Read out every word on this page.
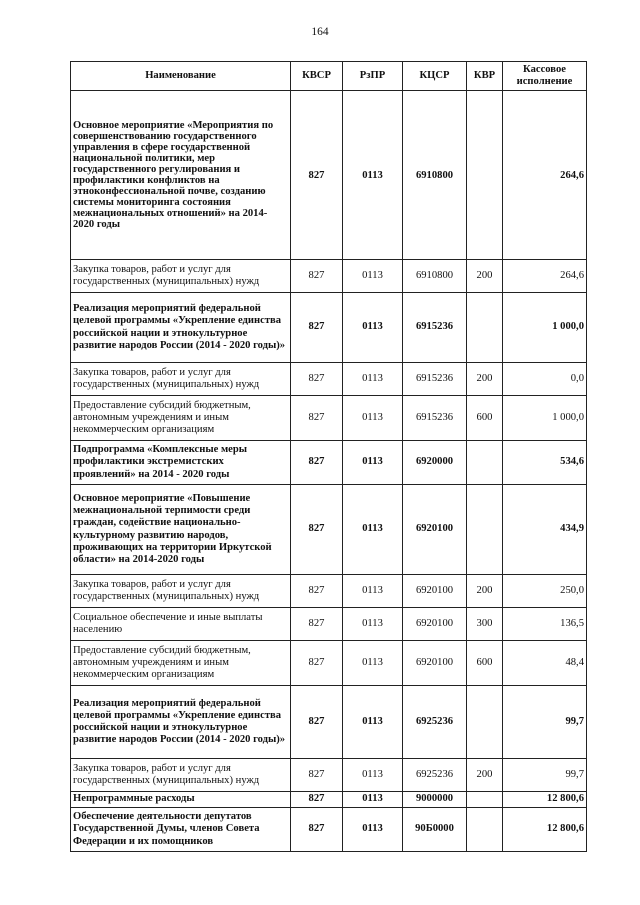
164
Наименование	КВСР	РзПР	КЦСР	КВР	Кассовое исполнение
Основное мероприятие «Мероприятия по совершенствованию государственного управления в сфере государственной национальной политики, мер государственного регулирования и профилактики конфликтов на этноконфессиональной почве, созданию системы мониторинга состояния межнациональных отношений» на 2014-2020 годы	827	0113	6910800		264,6
Закупка товаров, работ и услуг для государственных (муниципальных) нужд	827	0113	6910800	200	264,6
Реализация мероприятий федеральной целевой программы «Укрепление единства российской нации и этнокультурное развитие народов России (2014 - 2020 годы)»	827	0113	6915236		1 000,0
Закупка товаров, работ и услуг для государственных (муниципальных) нужд	827	0113	6915236	200	0,0
Предоставление субсидий бюджетным, автономным учреждениям и иным некоммерческим организациям	827	0113	6915236	600	1 000,0
Подпрограмма «Комплексные меры профилактики экстремистских проявлений» на 2014 - 2020 годы	827	0113	6920000		534,6
Основное мероприятие «Повышение межнациональной терпимости среди граждан, содействие национально-культурному развитию народов, проживающих на территории Иркутской области» на 2014-2020 годы	827	0113	6920100		434,9
Закупка товаров, работ и услуг для государственных (муниципальных) нужд	827	0113	6920100	200	250,0
Социальное обеспечение и иные выплаты населению	827	0113	6920100	300	136,5
Предоставление субсидий бюджетным, автономным учреждениям и иным некоммерческим организациям	827	0113	6920100	600	48,4
Реализация мероприятий федеральной целевой программы «Укрепление единства российской нации и этнокультурное развитие народов России (2014 - 2020 годы)»	827	0113	6925236		99,7
Закупка товаров, работ и услуг для государственных (муниципальных) нужд	827	0113	6925236	200	99,7
Непрограммные расходы	827	0113	9000000		12 800,6
Обеспечение деятельности депутатов Государственной Думы, членов Совета Федерации и их помощников	827	0113	90Б0000		12 800,6
